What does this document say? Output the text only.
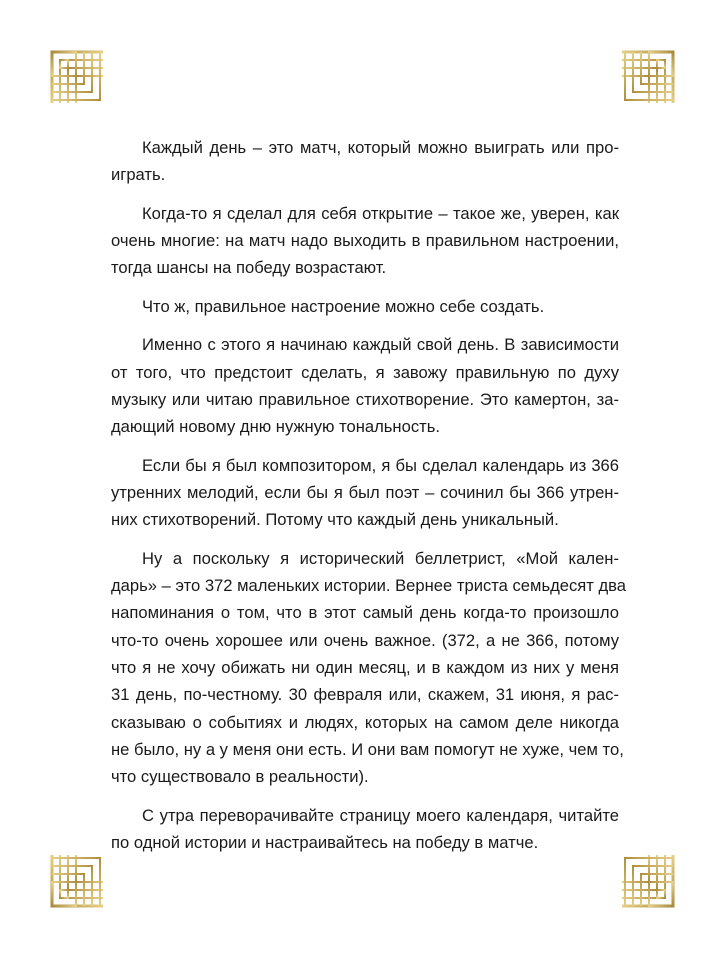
Каждый день – это матч, который можно выиграть или про-
играть.

Когда-то я сделал для себя открытие – такое же, уверен, как
очень многие: на матч надо выходить в правильном настроении,
тогда шансы на победу возрастают.

Что ж, правильное настроение можно себе создать.

Именно с этого я начинаю каждый свой день. В зависимости
от того, что предстоит сделать, я завожу правильную по духу
музыку или читаю правильное стихотворение. Это камертон, за-
дающий новому дню нужную тональность.

Если бы я был композитором, я бы сделал календарь из 366
утренних мелодий, если бы я был поэт – сочинил бы 366 утрен-
них стихотворений. Потому что каждый день уникальный.

Ну а поскольку я исторический беллетрист, «Мой кален-
дарь» – это 372 маленьких истории. Вернее триста семьдесят два
напоминания о том, что в этот самый день когда-то произошло
что-то очень хорошее или очень важное. (372, а не 366, потому
что я не хочу обижать ни один месяц, и в каждом из них у меня
31 день, по-честному. 30 февраля или, скажем, 31 июня, я рас-
сказываю о событиях и людях, которых на самом деле никогда
не было, ну а у меня они есть. И они вам помогут не хуже, чем то,
что существовало в реальности).

С утра переворачивайте страницу моего календаря, читайте
по одной истории и настраивайтесь на победу в матче.
